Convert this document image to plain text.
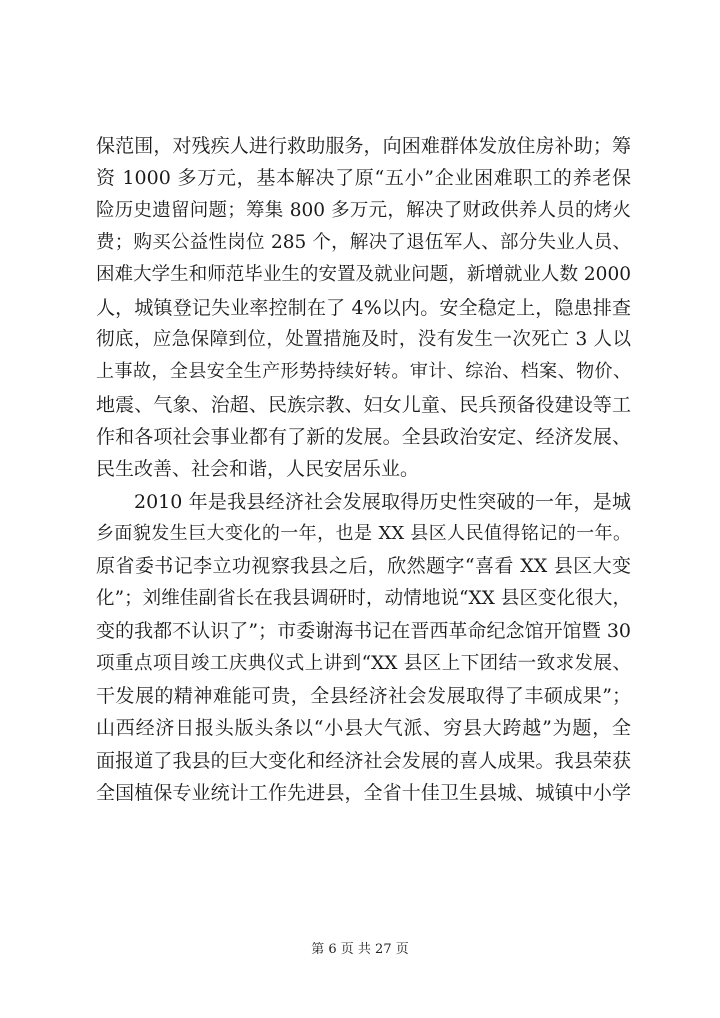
保范围，对残疾人进行救助服务，向困难群体发放住房补助；筹
资 1000 多万元，基本解决了原“五小”企业困难职工的养老保
险历史遗留问题；筹集 800 多万元，解决了财政供养人员的烤火
费；购买公益性岗位 285 个，解决了退伍军人、部分失业人员、
困难大学生和师范毕业生的安置及就业问题，新增就业人数 2000
人，城镇登记失业率控制在了 4%以内。安全稳定上，隐患排查
彻底，应急保障到位，处置措施及时，没有发生一次死亡 3 人以
上事故，全县安全生产形势持续好转。审计、综治、档案、物价、
地震、气象、治超、民族宗教、妇女儿童、民兵预备役建设等工
作和各项社会事业都有了新的发展。全县政治安定、经济发展、
民生改善、社会和谐，人民安居乐业。
2010 年是我县经济社会发展取得历史性突破的一年，是城
乡面貌发生巨大变化的一年，也是 XX 县区人民值得铭记的一年。
原省委书记李立功视察我县之后，欣然题字“喜看 XX 县区大变
化”；刘维佳副省长在我县调研时，动情地说“XX 县区变化很大，
变的我都不认识了”；市委谢海书记在晋西革命纪念馆开馆暨 30
项重点项目竣工庆典仪式上讲到“XX 县区上下团结一致求发展、
干发展的精神难能可贵，全县经济社会发展取得了丰硕成果”；
山西经济日报头版头条以“小县大气派、穷县大跨越”为题，全
面报道了我县的巨大变化和经济社会发展的喜人成果。我县荣获
全国植保专业统计工作先进县，全省十佳卫生县城、城镇中小学
第 6 页 共 27 页
